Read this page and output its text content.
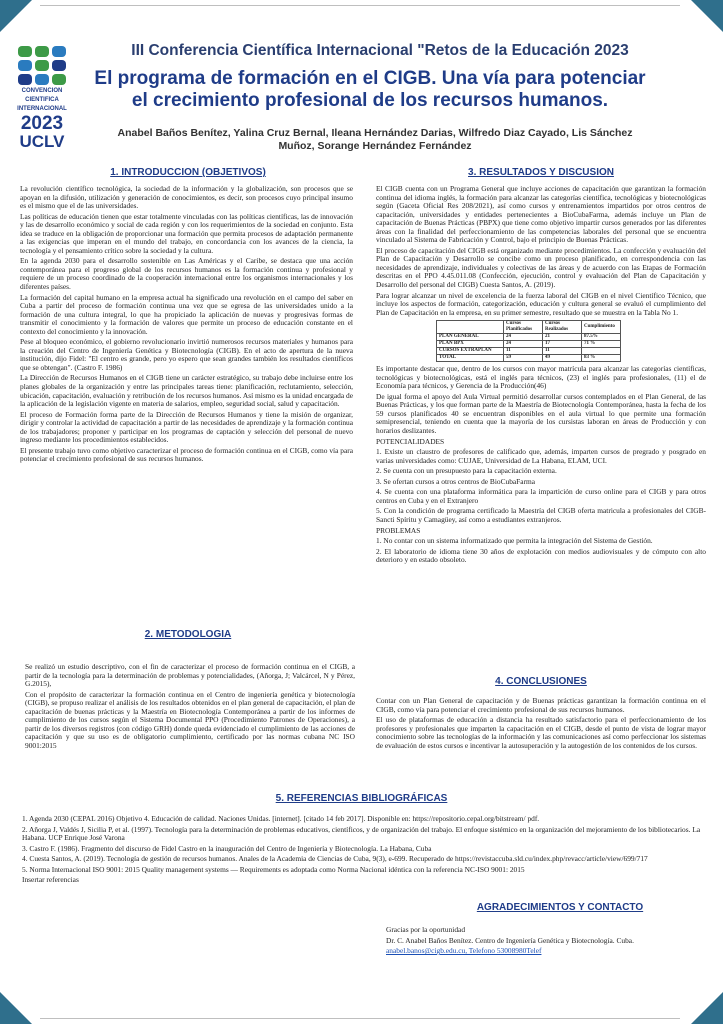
CONVENCION
CIENTIFICA
INTERNACIONAL
2023
UCLV
III Conferencia Científica Internacional "Retos de la Educación 2023
El programa de formación en el CIGB. Una vía para potenciar
el crecimiento profesional de los recursos humanos.
Anabel Baños Benítez, Yalina Cruz Bernal, Ileana Hernández Darias, Wilfredo Diaz Cayado, Lis Sánchez
Muñoz, Sorange Hernández Fernández
1. INTRODUCCION (OBJETIVOS)

La revolución científico tecnológica, la sociedad de la información y la globalización, son procesos que se apoyan en la difusión, utilización y generación de conocimientos, es decir, son procesos cuyo principal insumo es el mismo que el de las universidades.

Las políticas de educación tienen que estar totalmente vinculadas con las políticas científicas, las de innovación y las de desarrollo económico y social de cada región y con los requerimientos de la sociedad en conjunto. Esta idea se traduce en la obligación de proporcionar una formación que permita procesos de adaptación permanente a las exigencias que imperan en el mundo del trabajo, en concordancia con los avances de la ciencia, la tecnología y el pensamiento crítico sobre la sociedad y la cultura.

En la agenda 2030 para el desarrollo sostenible en Las Américas y el Caribe, se destaca que una acción contemporánea para el progreso global de los recursos humanos es la formación continua y profesional y requiere de un proceso coordinado de la cooperación internacional entre los organismos internacionales y los diferentes países.

La formación del capital humano en la empresa actual ha significado una revolución en el campo del saber en Cuba a partir del proceso de formación continua una vez que se egresa de las universidades unido a la formación de una cultura integral, lo que ha propiciado la aplicación de nuevas y progresivas formas de transmitir el conocimiento y la formación de valores que permite un proceso de educación constante en el contexto del conocimiento y la innovación.

Pese al bloqueo económico, el gobierno revolucionario invirtió numerosos recursos materiales y humanos para la creación del Centro de Ingeniería Genética y Biotecnología (CIGB). En el acto de apertura de la nueva institución, dijo Fidel: "El centro es grande, pero yo espero que sean grandes también los resultados científicos que se obtengan". (Castro F. 1986)

La Dirección de Recursos Humanos en el CIGB tiene un carácter estratégico, su trabajo debe incluirse entre los planes globales de la organización y entre las principales tareas tiene: planificación, reclutamiento, selección, ubicación, capacitación, evaluación y retribución de los recursos humanos. Así mismo es la unidad encargada de la aplicación de la legislación vigente en materia de salarios, empleo, seguridad social, salud y capacitación.

El proceso de Formación forma parte de la Dirección de Recursos Humanos y tiene la misión de organizar, dirigir y controlar la actividad de capacitación a partir de las necesidades de aprendizaje y la formación continua de los trabajadores; proponer y participar en los programas de captación y selección del personal de nuevo ingreso mediante los procedimientos establecidos.

El presente trabajo tuvo como objetivo caracterizar el proceso de formación continua en el CIGB, como vía para potenciar el crecimiento profesional de sus recursos humanos.

2. METODOLOGIA

Se realizó un estudio descriptivo, con el fin de caracterizar el proceso de formación continua en el CIGB, a partir de la tecnología para la determinación de problemas y potencialidades, (Añorga, J; Valcárcel, N y Pérez, G.2015),

Con el propósito de caracterizar la formación continua en el Centro de ingeniería genética y biotecnología (CIGB), se propuso realizar el análisis de los resultados obtenidos en el plan general de capacitación, el plan de capacitación de buenas prácticas y la Maestría en Biotecnología Contemporánea a partir de los informes de cumplimiento de los cursos según el Sistema Documental PPO (Procedimiento Patrones de Operaciones), a partir de los diversos registros (con código GRH) donde queda evidenciado el cumplimiento de las acciones de capacitación y que su uso es de obligatorio cumplimiento, certificado por las normas cubana NC ISO 9001:2015

3. RESULTADOS Y DISCUSION

El CIGB cuenta con un Programa General que incluye acciones de capacitación que garantizan la formación continua del idioma inglés, la formación para alcanzar las categorías científica, tecnológicas y biotecnológicas según (Gaceta Oficial Res 208/2021), así como cursos y entrenamientos impartidos por otros centros de capacitación, universidades y entidades pertenecientes a BioCubaFarma, además incluye un Plan de capacitación de Buenas Prácticas (PBPX) que tiene como objetivo impartir cursos generados por las diferentes áreas con la finalidad del perfeccionamiento de las competencias laborales del personal que se encuentra vinculado al Sistema de Fabricación y Control, bajo el principio de Buenas Prácticas.

El proceso de capacitación del CIGB está organizado mediante procedimientos. La confección y evaluación del Plan de Capacitación y Desarrollo se concibe como un proceso planificado, en correspondencia con las necesidades de aprendizaje, individuales y colectivas de las áreas y de acuerdo con las Etapas de Formación descritas en el PPO 4.45.011.08 (Confección, ejecución, control y evaluación del Plan de Capacitación y Desarrollo del personal del CIGB) Cuesta Santos, A. (2019).

Para lograr alcanzar un nivel de excelencia de la fuerza laboral del CIGB en el nivel Científico Técnico, que incluye los aspectos de formación, categorización, educación y cultura general se evaluó el cumplimiento del Plan de Capacitación en la empresa, en su primer semestre, resultado que se muestra en la Tabla No 1.

	Cursos Planificados	Cursos Realizados	Cumplimiento
PLAN GENERAL	24	21	87.5%
PLAN BPX	24	17	71 %
CURSOS EXTRAPLAN	11	11	
TOTAL	59	49	83 %

Es importante destacar que, dentro de los cursos con mayor matrícula para alcanzar las categorías científicas, tecnológicas y biotecnológicas, está el inglés para técnicos, (23) el inglés para profesionales, (11) el de Economía para técnicos, y Gerencia de la Producción(46)

De igual forma el apoyo del Aula Virtual permitió desarrollar cursos contemplados en el Plan General, de las Buenas Prácticas, y los que forman parte de la Maestría de Biotecnología Contemporánea, hasta la fecha de los 59 cursos planificados 40 se encuentran disponibles en el aula virtual lo que permite una formación semipresencial, teniendo en cuenta que la mayoría de los cursistas laboran en áreas de Producción y con horarios deslizantes.

POTENCIALIDADES

1. Existe un claustro de profesores de calificado que, además, imparten cursos de pregrado y posgrado en varias universidades como: CUJAE, Universidad de La Habana, ELAM, UCI.

2. Se cuenta con un presupuesto para la capacitación externa.

3. Se ofertan cursos a otros centros de BioCubaFarma

4. Se cuenta con una plataforma informática para la impartición de curso online para el CIGB y para otros centros en Cuba y en el Extranjero

5. Con la condición de programa certificado la Maestría del CIGB oferta matricula a profesionales del CIGB-Sancti Spíritu y Camagüey, así como a estudiantes extranjeros.

PROBLEMAS

1. No contar con un sistema informatizado que permita la integración del Sistema de Gestión.

2. El laboratorio de idioma tiene 30 años de explotación con medios audiovisuales y de cómputo con alto deterioro y en estado obsoleto.

4. CONCLUSIONES

Contar con un Plan General de capacitación y de Buenas prácticas garantizan la formación continua en el CIGB, como vía para potenciar el crecimiento profesional de sus recursos humanos.

El uso de plataformas de educación a distancia ha resultado satisfactorio para el perfeccionamiento de los profesores y profesionales que imparten la capacitación en el CIGB, desde el punto de vista de lograr mayor conocimiento sobre las tecnologías de la información y las comunicaciones así como perfeccionar los sistemas de evaluación de estos cursos e incentivar la autosuperación y la autogestión de los contenidos de los cursos.

5. REFERENCIAS BIBLIOGRÁFICAS

1. Agenda 2030 (CEPAL 2016) Objetivo 4. Educación de calidad. Naciones Unidas. [internet]. [citado 14 feb 2017]. Disponible en: https://repositorio.cepal.org/bitstream/ pdf.

2. Añorga J, Valdés J, Sicilia P, et al. (1997). Tecnología para la determinación de problemas educativos, científicos, y de organización del trabajo. El enfoque sistémico en la organización del mejoramiento de los bibliotecarios. La Habana. UCP Enrique José Varona

3. Castro F. (1986). Fragmento del discurso de Fidel Castro en la inauguración del Centro de Ingeniería y Biotecnología. La Habana, Cuba

4. Cuesta Santos, A. (2019). Tecnología de gestión de recursos humanos. Anales de la Academia de Ciencias de Cuba, 9(3), e-699. Recuperado de https://revistaccuba.sld.cu/index.php/revacc/article/view/699/717

5. Norma Internacional ISO 9001: 2015 Quality management systems — Requirements es adoptada como Norma Nacional idéntica con la referencia NC-ISO 9001: 2015

Insertar referencias

AGRADECIMIENTOS Y CONTACTO

Gracias por la oportunidad

Dr. C. Anabel Baños Benítez. Centro de Ingeniería Genética y Biotecnología. Cuba.

anabel.banos@cigb.edu.cu, Telefono 53008980Telef
